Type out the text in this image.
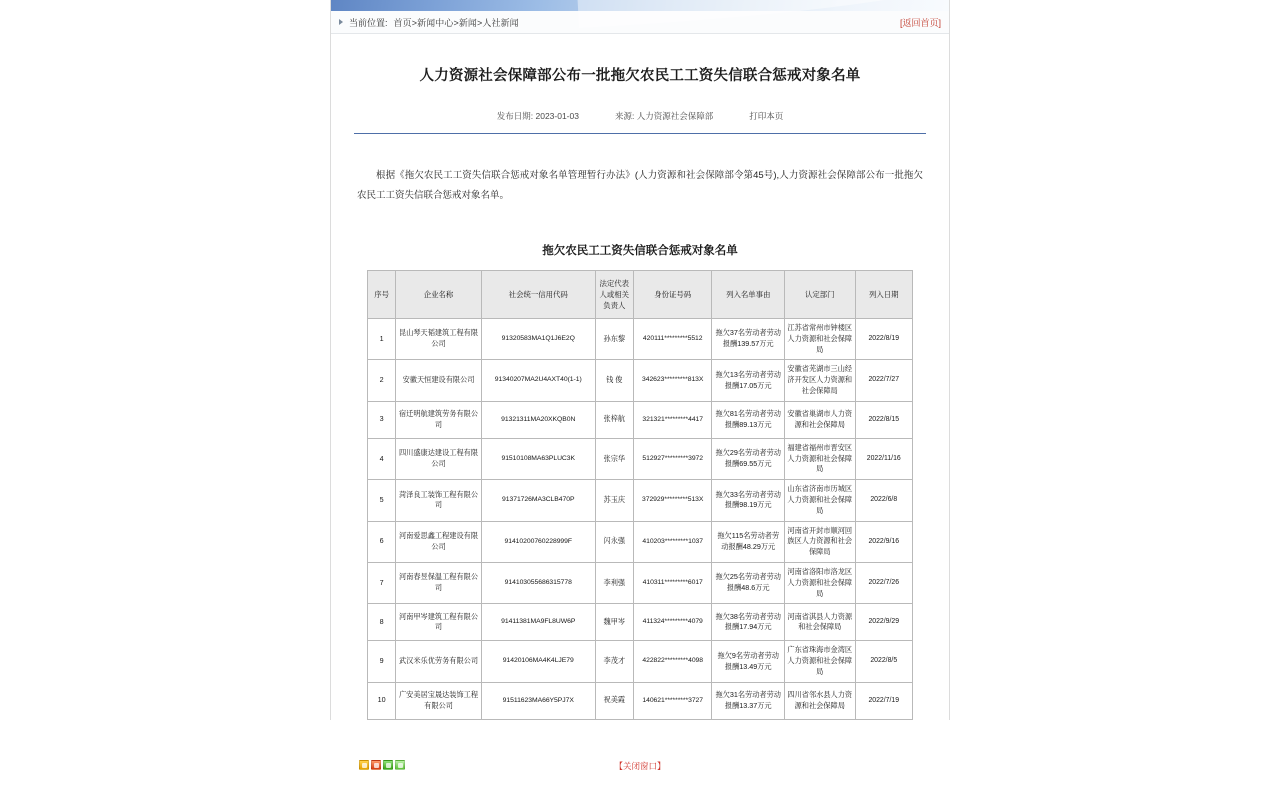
当前位置: 首页>新闻中心>新闻>人社新闻	[返回首页]
人力资源社会保障部公布一批拖欠农民工工资失信联合惩戒对象名单
发布日期: 2023-01-03	来源: 人力资源社会保障部	打印本页

根据《拖欠农民工工资失信联合惩戒对象名单管理暂行办法》(人力资源和社会保障部令第45号),人力资源社会保障部公布一批拖欠农民工工资失信联合惩戒对象名单。

拖欠农民工工资失信联合惩戒对象名单
序号	企业名称	社会统一信用代码	法定代表人或相关负责人	身份证号码	列入名单事由	认定部门	列入日期
1	昆山琴天韬建筑工程有限公司	91320583MA1Q1J6E2Q	孙东黎	420111*********5512	拖欠37名劳动者劳动报酬139.57万元	江苏省常州市钟楼区人力资源和社会保障局	2022/8/19
2	安徽天恒建设有限公司	91340207MA2U4AXT40(1-1)	钱 俊	342623*********813X	拖欠13名劳动者劳动报酬17.05万元	安徽省芜湖市三山经济开发区人力资源和社会保障局	2022/7/27
3	宿迁明航建筑劳务有限公司	91321311MA20XKQB0N	张梓航	321321*********4417	拖欠81名劳动者劳动报酬89.13万元	安徽省巢湖市人力资源和社会保障局	2022/8/15
4	四川盛康达建设工程有限公司	91510108MA63PLUC3K	张宗华	512927*********3972	拖欠29名劳动者劳动报酬69.55万元	福建省福州市晋安区人力资源和社会保障局	2022/11/16
5	菏泽良工装饰工程有限公司	91371726MA3CLB470P	苏玉庆	372929*********513X	拖欠33名劳动者劳动报酬98.19万元	山东省济南市历城区人力资源和社会保障局	2022/6/8
6	河南爱思鑫工程建设有限公司	91410200760228999F	闪永强	410203*********1037	拖欠115名劳动者劳动报酬48.29万元	河南省开封市顺河回族区人力资源和社会保障局	2022/9/16
7	河南春昱保温工程有限公司	914103055686315778	李利强	410311*********6017	拖欠25名劳动者劳动报酬48.6万元	河南省洛阳市洛龙区人力资源和社会保障局	2022/7/26
8	河南甲岑建筑工程有限公司	91411381MA9FL8UW6P	魏甲岑	411324*********4079	拖欠38名劳动者劳动报酬17.94万元	河南省淇县人力资源和社会保障局	2022/9/29
9	武汉米乐优劳务有限公司	91420106MA4K4LJE79	李茂才	422822*********4098	拖欠9名劳动者劳动报酬13.49万元	广东省珠海市金湾区人力资源和社会保障局	2022/8/5
10	广安美居宝晟达装饰工程有限公司	91511623MA66Y5PJ7X	祝美霞	140621*********3727	拖欠31名劳动者劳动报酬13.37万元	四川省邻水县人力资源和社会保障局	2022/7/19
【关闭窗口】
